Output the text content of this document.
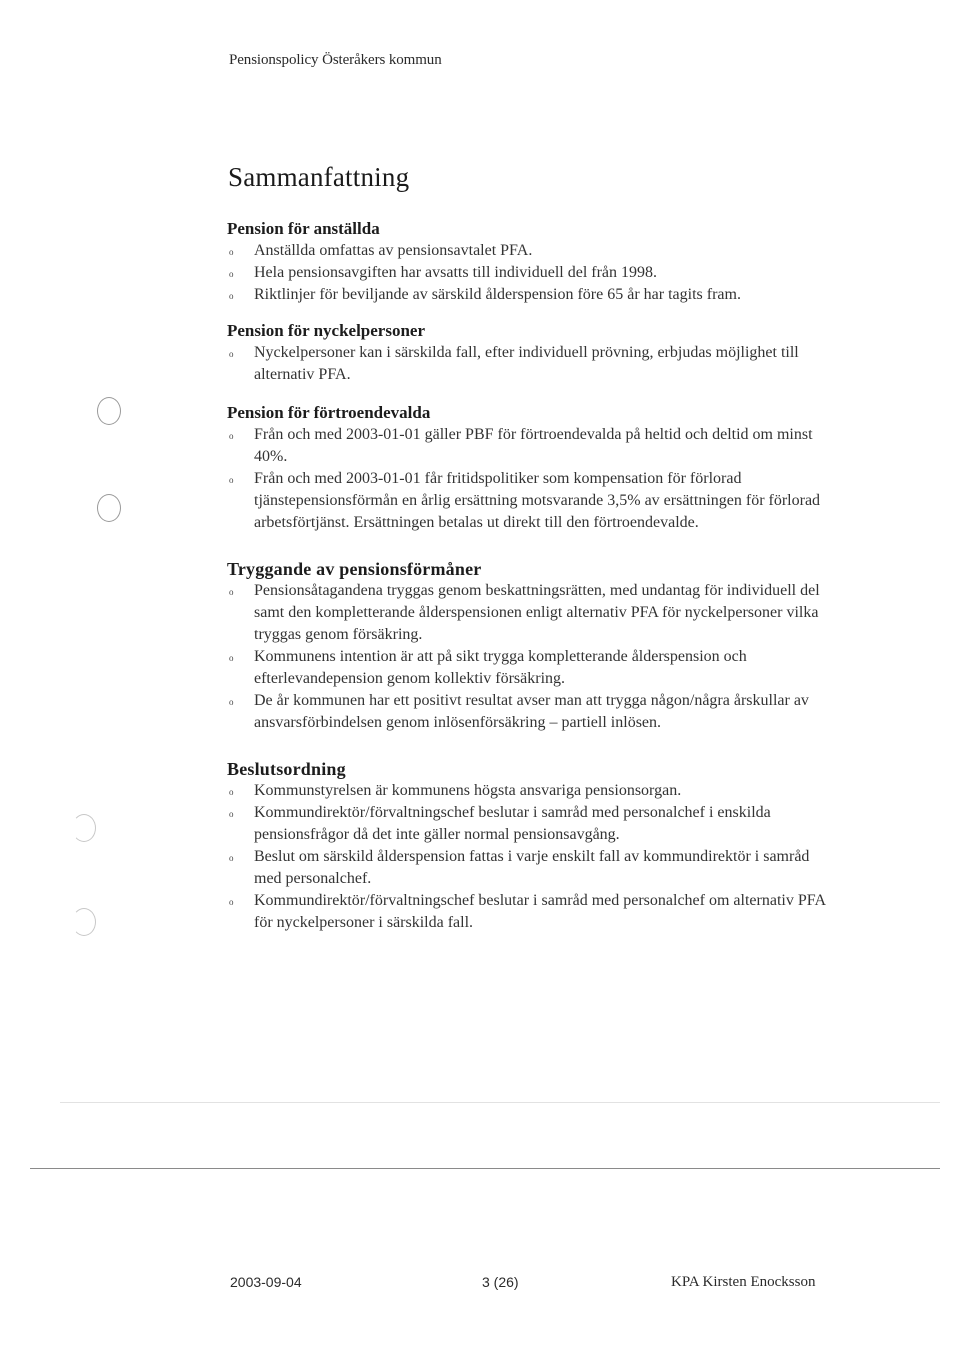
Pensionspolicy Österåkers kommun
Sammanfattning
Pension för anställda
o Anställda omfattas av pensionsavtalet PFA.
o Hela pensionsavgiften har avsatts till individuell del från 1998.
o Riktlinjer för beviljande av särskild ålderspension före 65 år har tagits fram.
Pension för nyckelpersoner
o Nyckelpersoner kan i särskilda fall, efter individuell prövning, erbjudas möjlighet till alternativ PFA.
Pension för förtroendevalda
o Från och med 2003-01-01 gäller PBF för förtroendevalda på heltid och deltid om minst 40%.
o Från och med 2003-01-01 får fritidspolitiker som kompensation för förlorad tjänstepensionsförmån en årlig ersättning motsvarande 3,5% av ersättningen för förlorad arbetsförtjänst. Ersättningen betalas ut direkt till den förtroendevalde.
Tryggande av pensionsförmåner
o Pensionsåtagandena tryggas genom beskattningsrätten, med undantag för individuell del samt den kompletterande ålderspensionen enligt alternativ PFA för nyckelpersoner vilka tryggas genom försäkring.
o Kommunens intention är att på sikt trygga kompletterande ålderspension och efterlevandepension genom kollektiv försäkring.
o De år kommunen har ett positivt resultat avser man att trygga någon/några årskullar av ansvarsförbindelsen genom inlösenförsäkring – partiell inlösen.
Beslutsordning
o Kommunstyrelsen är kommunens högsta ansvariga pensionsorgan.
o Kommundirektör/förvaltningschef beslutar i samråd med personalchef i enskilda pensionsfrågor då det inte gäller normal pensionsavgång.
o Beslut om särskild ålderspension fattas i varje enskilt fall av kommundirektör i samråd med personalchef.
o Kommundirektör/förvaltningschef beslutar i samråd med personalchef om alternativ PFA för nyckelpersoner i särskilda fall.
2003-09-04	3 (26)	KPA Kirsten Enocksson
